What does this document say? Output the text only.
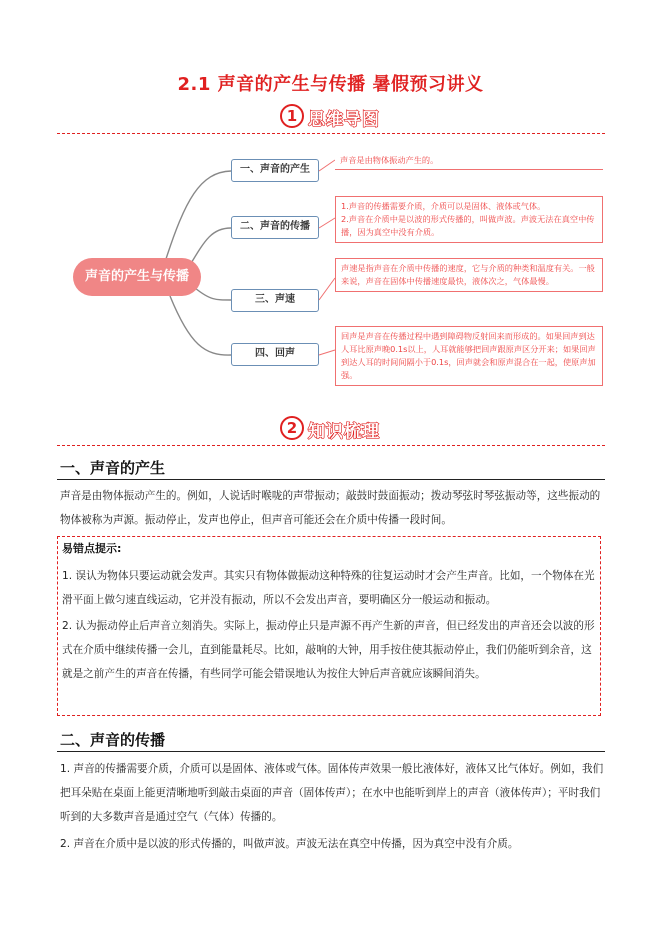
2.1 声音的产生与传播 暑假预习讲义
1 思维导图
声音的产生与传播
一、声音的产生
二、声音的传播
三、声速
四、回声

声音是由物体振动产生的。

1.声音的传播需要介质，介质可以是固体、液体或气体。

2.声音在介质中是以波的形式传播的，叫做声波。声波无法在真空中传播，因为真空中没有介质。

声速是指声音在介质中传播的速度，它与介质的种类和温度有关。一般来说，声音在固体中传播速度最快，液体次之，气体最慢。

回声是声音在传播过程中遇到障碍物反射回来而形成的。如果回声到达人耳比原声晚0.1s以上，人耳就能够把回声跟原声区分开来；如果回声到达人耳的时间间隔小于0.1s，回声就会和原声混合在一起，使原声加强。

2 知识梳理
一、声音的产生

声音是由物体振动产生的。例如，人说话时喉咙的声带振动；敲鼓时鼓面振动；拨动琴弦时琴弦振动等，这些振动的物体被称为声源。振动停止，发声也停止，但声音可能还会在介质中传播一段时间。

易错点提示:

1. 误认为物体只要运动就会发声。其实只有物体做振动这种特殊的往复运动时才会产生声音。比如，一个物体在光滑平面上做匀速直线运动，它并没有振动，所以不会发出声音，要明确区分一般运动和振动。

2. 认为振动停止后声音立刻消失。实际上，振动停止只是声源不再产生新的声音，但已经发出的声音还会以波的形式在介质中继续传播一会儿，直到能量耗尽。比如，敲响的大钟，用手按住使其振动停止，我们仍能听到余音，这就是之前产生的声音在传播，有些同学可能会错误地认为按住大钟后声音就应该瞬间消失。

二、声音的传播

1. 声音的传播需要介质，介质可以是固体、液体或气体。固体传声效果一般比液体好，液体又比气体好。例如，我们把耳朵贴在桌面上能更清晰地听到敲击桌面的声音（固体传声）；在水中也能听到岸上的声音（液体传声）；平时我们听到的大多数声音是通过空气（气体）传播的。

2. 声音在介质中是以波的形式传播的，叫做声波。声波无法在真空中传播，因为真空中没有介质。
